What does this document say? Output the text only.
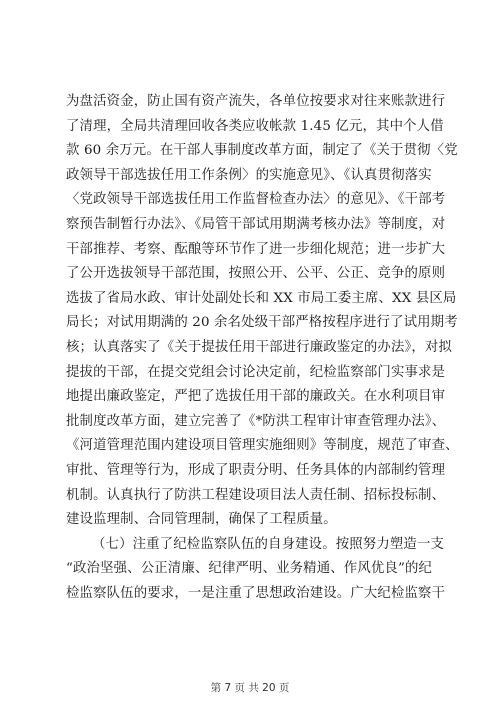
为盘活资金，防止国有资产流失，各单位按要求对往来账款进行
了清理，全局共清理回收各类应收帐款 1.45 亿元，其中个人借
款 60 余万元。在干部人事制度改革方面，制定了《关于贯彻〈党
政领导干部选拔任用工作条例〉的实施意见》、《认真贯彻落实
〈党政领导干部选拔任用工作监督检查办法〉的意见》、《干部考
察预告制暂行办法》、《局管干部试用期满考核办法》等制度，对
干部推荐、考察、酝酿等环节作了进一步细化规范；进一步扩大
了公开选拔领导干部范围，按照公开、公平、公正、竞争的原则
选拔了省局水政、审计处副处长和 XX 市局工委主席、XX 县区局
局长；对试用期满的 20 余名处级干部严格按程序进行了试用期考
核；认真落实了《关于提拔任用干部进行廉政鉴定的办法》，对拟
提拔的干部，在提交党组会讨论决定前，纪检监察部门实事求是
地提出廉政鉴定，严把了选拔任用干部的廉政关。在水利项目审
批制度改革方面，建立完善了《*防洪工程审计审查管理办法》、
《河道管理范围内建设项目管理实施细则》等制度，规范了审查、
审批、管理等行为，形成了职责分明、任务具体的内部制约管理
机制。认真执行了防洪工程建设项目法人责任制、招标投标制、
建设监理制、合同管理制，确保了工程质量。
（七）注重了纪检监察队伍的自身建设。按照努力塑造一支
“政治坚强、公正清廉、纪律严明、业务精通、作风优良”的纪
检监察队伍的要求，一是注重了思想政治建设。广大纪检监察干
第 7 页 共 20 页
